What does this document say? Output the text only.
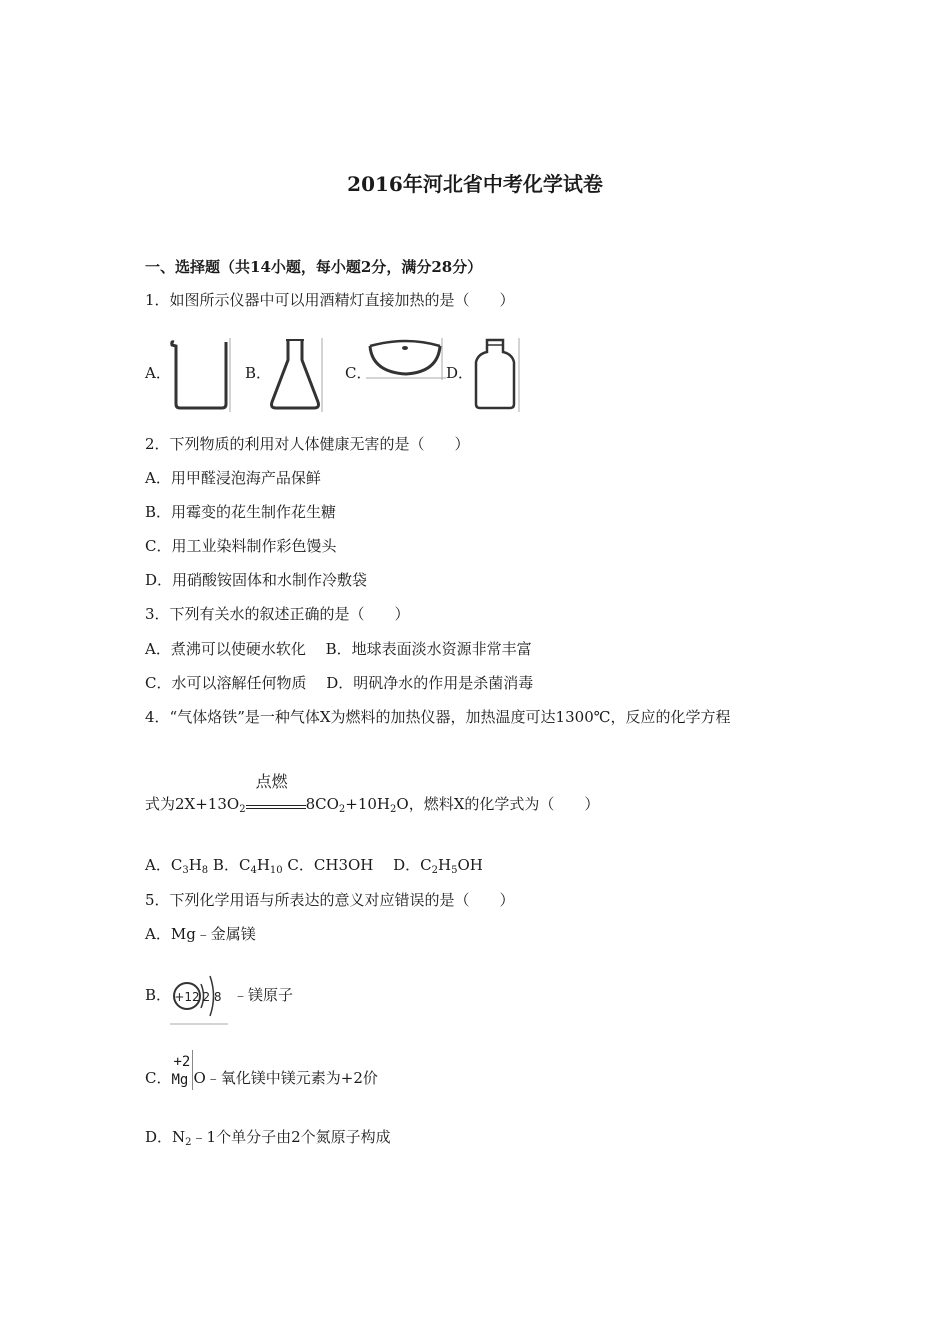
2016年河北省中考化学试卷
一、选择题（共14小题，每小题2分，满分28分）
1．如图所示仪器中可以用酒精灯直接加热的是（　　）
A．	B．	C．	D．
2．下列物质的利用对人体健康无害的是（　　）
A．用甲醛浸泡海产品保鲜
B．用霉变的花生制作花生糖
C．用工业染料制作彩色馒头
D．用硝酸铵固体和水制作冷敷袋
3．下列有关水的叙述正确的是（　　）
A．煮沸可以使硬水软化　 B．地球表面淡水资源非常丰富
C．水可以溶解任何物质　 D．明矾净水的作用是杀菌消毒
4．“气体烙铁”是一种气体X为燃料的加热仪器，加热温度可达1300℃，反应的化学方程
式为$2X+13O_2$
点燃
$8CO_2+10H_2O$，燃料X的化学式为（　　）
A．$C_3H_8$ B．$C_4H_{10}$ C．CH3OH　 D．$C_2H_5OH$
5．下列化学用语与所表达的意义对应错误的是（　　）
A．Mg﹣金属镁
B． +12 2 8 ﹣镁原子
C．
+2
Mg O﹣氧化镁中镁元素为+2价
D．$N_2﹣1$个单分子由2个氮原子构成
